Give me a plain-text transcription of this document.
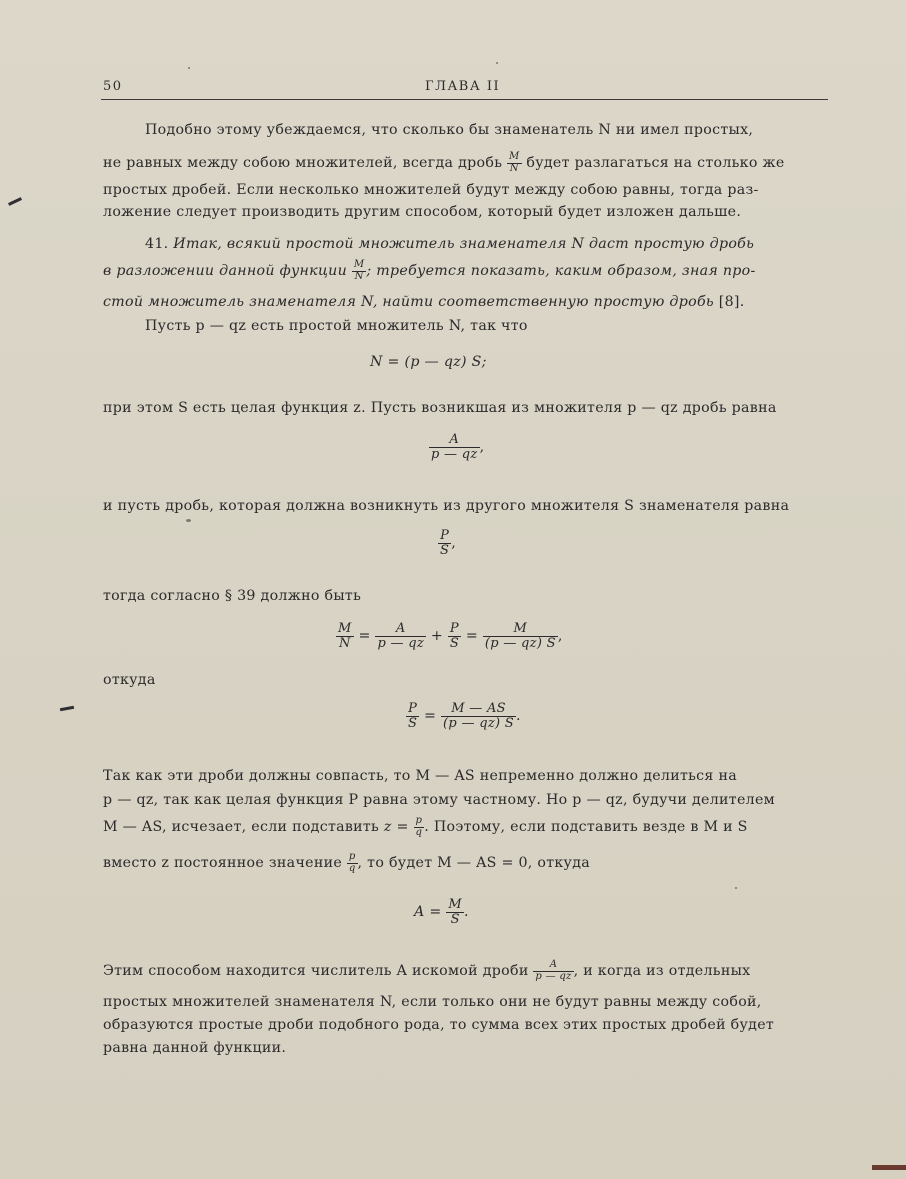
50	ГЛАВА II
Подобно этому убеждаемся, что сколько бы знаменатель N ни имел простых,
не равных между собою множителей, всегда дробь $\frac{M}{N}$ будет разлагаться на столько же
простых дробей. Если несколько множителей будут между собою равны, тогда раз-
ложение следует производить другим способом, который будет изложен дальше.
41. Итак, всякий простой множитель знаменателя N даст простую дробь
в разложении данной функции $\frac{M}{N}$ ; требуется показать, каким образом, зная про-
стой множитель знаменателя N, найти соответственную простую дробь [8].
Пусть p — qz есть простой множитель N, так что
N = (p — qz) S;
при этом S есть целая функция z. Пусть возникшая из множителя p — qz дробь равна
$\frac{A}{p — qz}$ ,
и пусть дробь, которая должна возникнуть из другого множителя S знаменателя равна
$\frac{P}{S}$ ,
тогда согласно § 39 должно быть
$\frac{M}{N} = \frac{A}{p — qz} + \frac{P}{S} = \frac{M}{(p — qz) S}$ ,
откуда
$\frac{P}{S} = \frac{M — AS}{(p — qz) S}$ .
Так как эти дроби должны совпасть, то M — AS непременно должно делиться на
p — qz, так как целая функция P равна этому частному. Но p — qz, будучи делителем
M — AS, исчезает, если подставить $z = \frac{p}{q}$ . Поэтому, если подставить везде в M и S
вместо z постоянное значение $\frac{p}{q}$ , то будет M — AS = 0, откуда
$A = \frac{M}{S}$ .
Этим способом находится числитель A искомой дроби $\frac{A}{p — qz}$ , и когда из отдельных
простых множителей знаменателя N, если только они не будут равны между собой,
образуются простые дроби подобного рода, то сумма всех этих простых дробей будет
равна данной функции.
